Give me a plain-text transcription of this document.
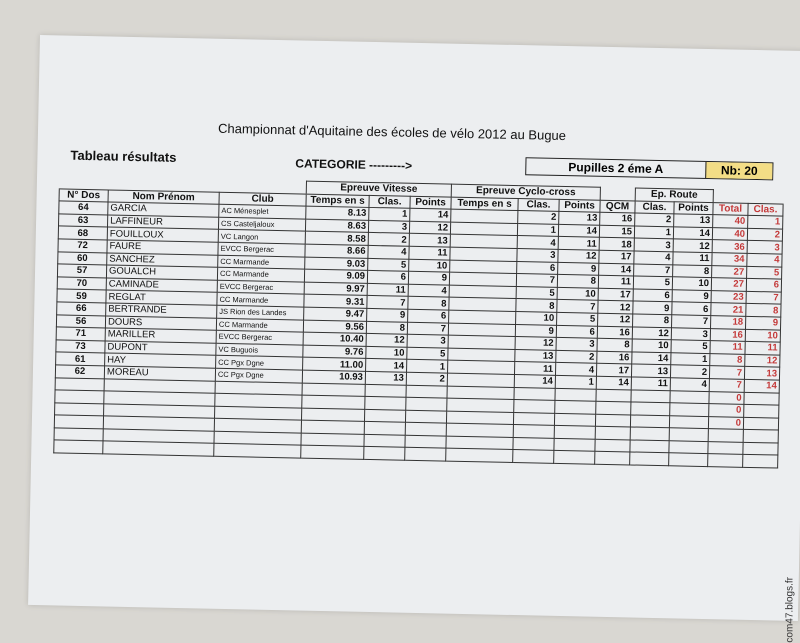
Championnat d'Aquitaine des écoles de vélo 2012 au Bugue
Tableau résultats	CATEGORIE --------->	Pupilles 2 éme A	Nb: 20
			Epreuve Vitesse			Epreuve Cyclo-cross				Ep. Route			
N° Dos	Nom Prénom	Club	Temps en s	Clas.	Points	Temps en s	Clas.	Points	QCM	Clas.	Points	Total	Clas.
64	GARCIA	AC Ménesplet	8.13	1	14		2	13	16	2	13	40	1
63	LAFFINEUR	CS Casteljaloux	8.63	3	12		1	14	15	1	14	40	2
68	FOUILLOUX	VC Langon	8.58	2	13		4	11	18	3	12	36	3
72	FAURE	EVCC Bergerac	8.66	4	11		3	12	17	4	11	34	4
60	SANCHEZ	CC Marmande	9.03	5	10		6	9	14	7	8	27	5
57	GOUALCH	CC Marmande	9.09	6	9		7	8	11	5	10	27	6
70	CAMINADE	EVCC Bergerac	9.97	11	4		5	10	17	6	9	23	7
59	REGLAT	CC Marmande	9.31	7	8		8	7	12	9	6	21	8
66	BERTRANDE	JS Rion des Landes	9.47	9	6		10	5	12	8	7	18	9
56	DOURS	CC Marmande	9.56	8	7		9	6	16	12	3	16	10
71	MARILLER	EVCC Bergerac	10.40	12	3		12	3	8	10	5	11	11
73	DUPONT	VC Buguois	9.76	10	5		13	2	16	14	1	8	12
61	HAY	CC Pgx Dgne	11.00	14	1		11	4	17	13	2	7	13
62	MOREAU	CC Pgx Dgne	10.93	13	2		14	1	14	11	4	7	14
												0	
												0	
												0	

com47.blogs.fr
